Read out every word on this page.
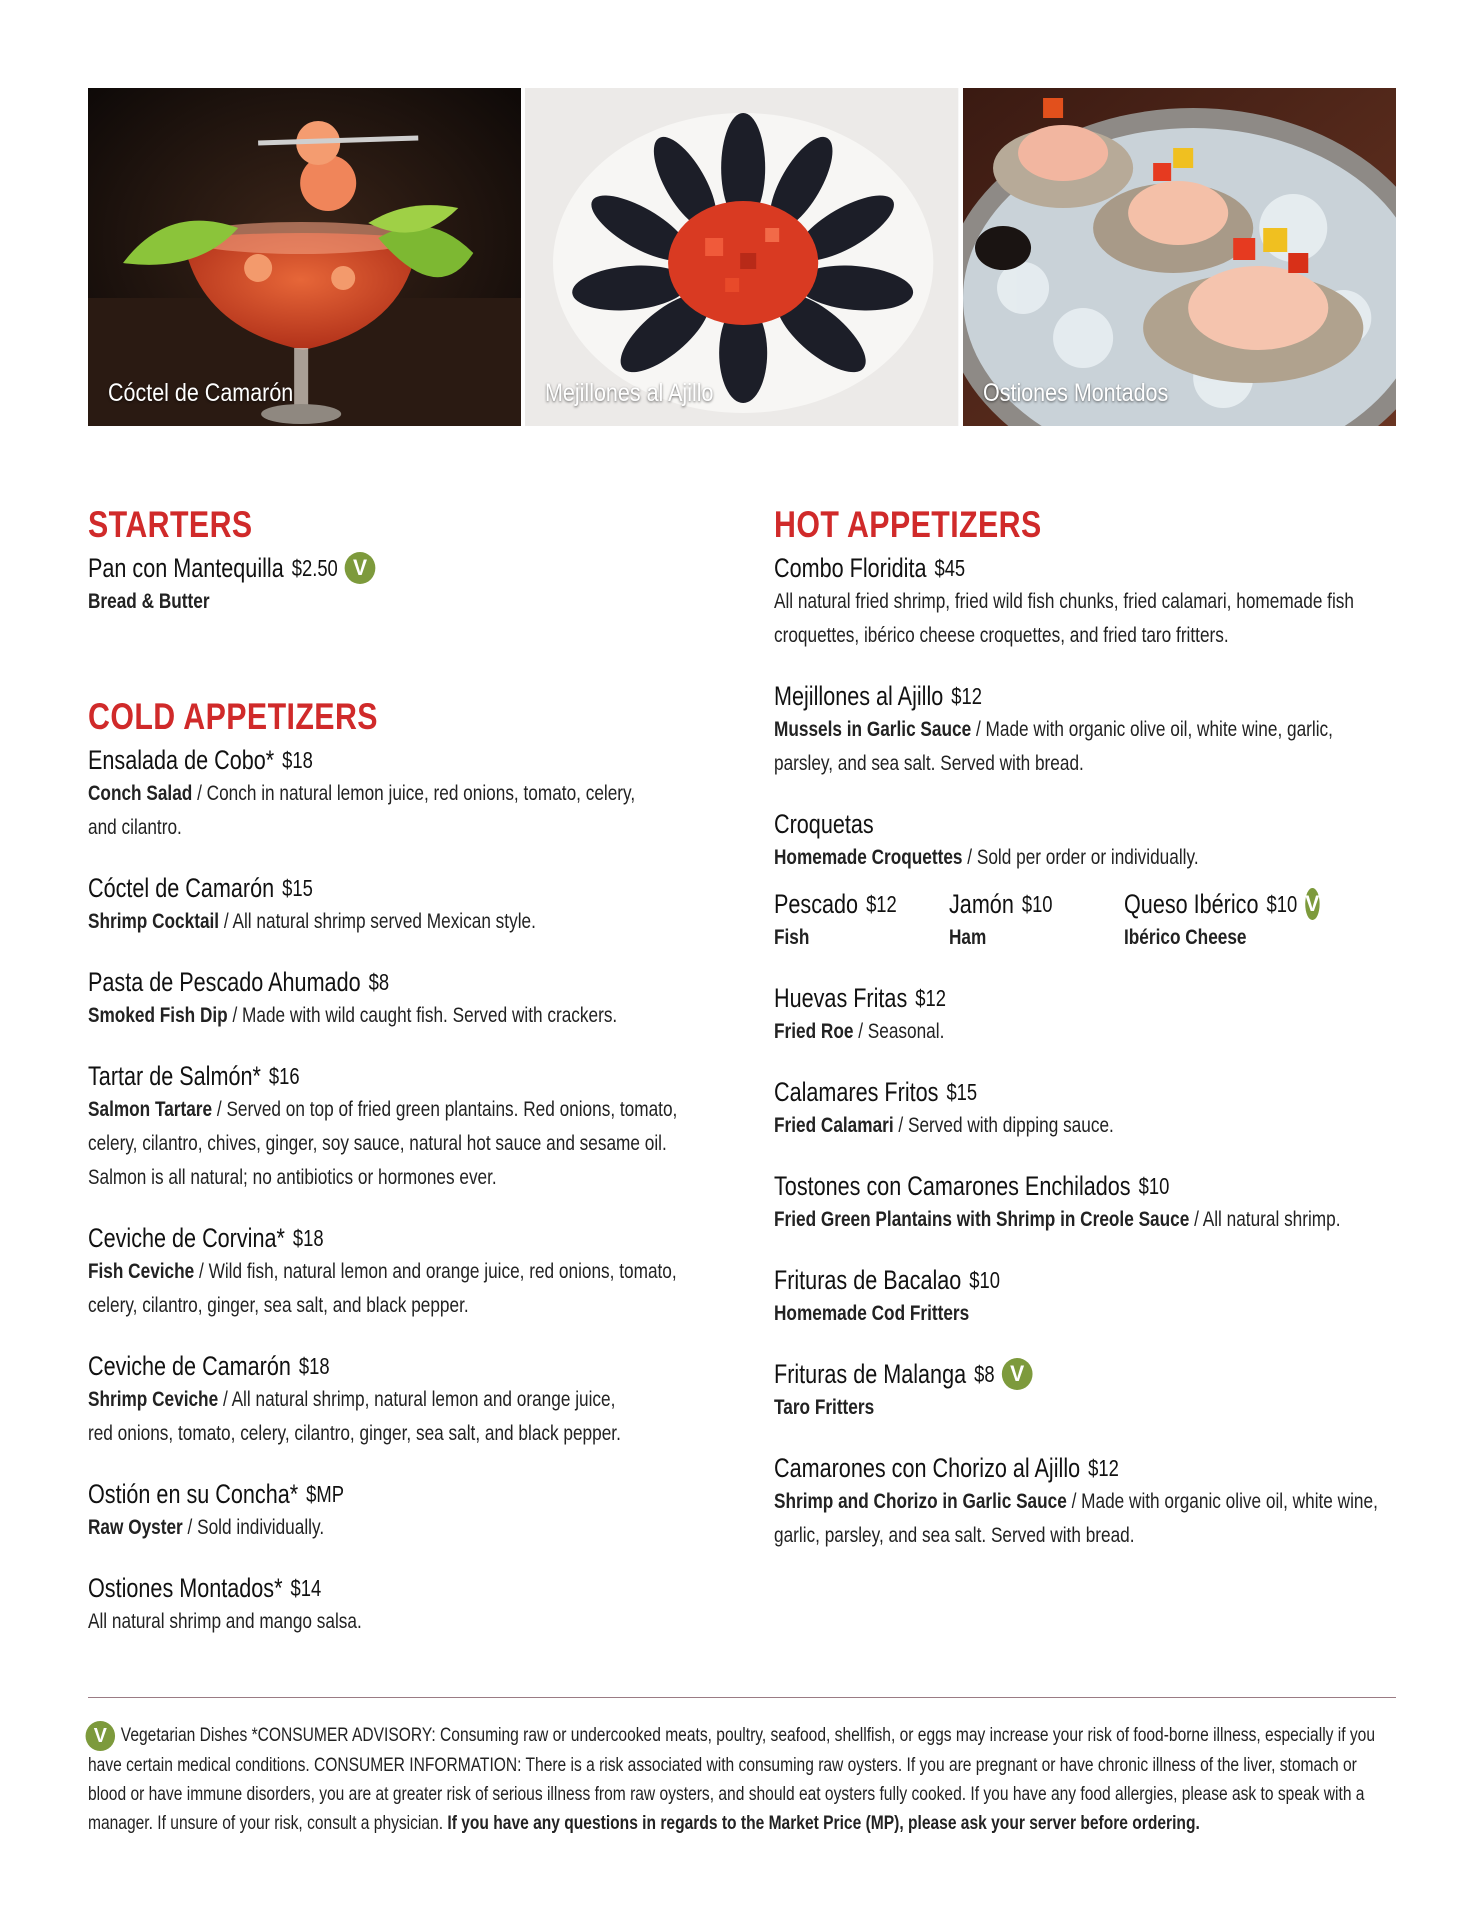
Cóctel de Camarón	Mejillones al Ajillo	Ostiones Montados
STARTERS
Pan con Mantequilla $2.50 V
Bread & Butter
COLD APPETIZERS
Ensalada de Cobo* $18
Conch Salad / Conch in natural lemon juice, red onions, tomato, celery,
and cilantro.
Cóctel de Camarón $15
Shrimp Cocktail / All natural shrimp served Mexican style.
Pasta de Pescado Ahumado $8
Smoked Fish Dip / Made with wild caught fish. Served with crackers.
Tartar de Salmón* $16
Salmon Tartare / Served on top of fried green plantains. Red onions, tomato,
celery, cilantro, chives, ginger, soy sauce, natural hot sauce and sesame oil.
Salmon is all natural; no antibiotics or hormones ever.
Ceviche de Corvina* $18
Fish Ceviche / Wild fish, natural lemon and orange juice, red onions, tomato,
celery, cilantro, ginger, sea salt, and black pepper.
Ceviche de Camarón $18
Shrimp Ceviche / All natural shrimp, natural lemon and orange juice,
red onions, tomato, celery, cilantro, ginger, sea salt, and black pepper.
Ostión en su Concha* $MP
Raw Oyster / Sold individually.
Ostiones Montados* $14
All natural shrimp and mango salsa.
HOT APPETIZERS
Combo Floridita $45
All natural fried shrimp, fried wild fish chunks, fried calamari, homemade fish
croquettes, ibérico cheese croquettes, and fried taro fritters.
Mejillones al Ajillo $12
Mussels in Garlic Sauce / Made with organic olive oil, white wine, garlic,
parsley, and sea salt. Served with bread.
Croquetas
Homemade Croquettes / Sold per order or individually.
Pescado $12
Fish
Jamón $10
Ham
Queso Ibérico $10 V
Ibérico Cheese
Huevas Fritas $12
Fried Roe / Seasonal.
Calamares Fritos $15
Fried Calamari / Served with dipping sauce.
Tostones con Camarones Enchilados $10
Fried Green Plantains with Shrimp in Creole Sauce / All natural shrimp.
Frituras de Bacalao $10
Homemade Cod Fritters
Frituras de Malanga $8 V
Taro Fritters
Camarones con Chorizo al Ajillo $12
Shrimp and Chorizo in Garlic Sauce / Made with organic olive oil, white wine,
garlic, parsley, and sea salt. Served with bread.
V Vegetarian Dishes *CONSUMER ADVISORY: Consuming raw or undercooked meats, poultry, seafood, shellfish, or eggs may increase your risk of food-borne illness, especially if you have certain medical conditions. CONSUMER INFORMATION: There is a risk associated with consuming raw oysters. If you are pregnant or have chronic illness of the liver, stomach or blood or have immune disorders, you are at greater risk of serious illness from raw oysters, and should eat oysters fully cooked. If you have any food allergies, please ask to speak with a manager. If unsure of your risk, consult a physician. If you have any questions in regards to the Market Price (MP), please ask your server before ordering.
